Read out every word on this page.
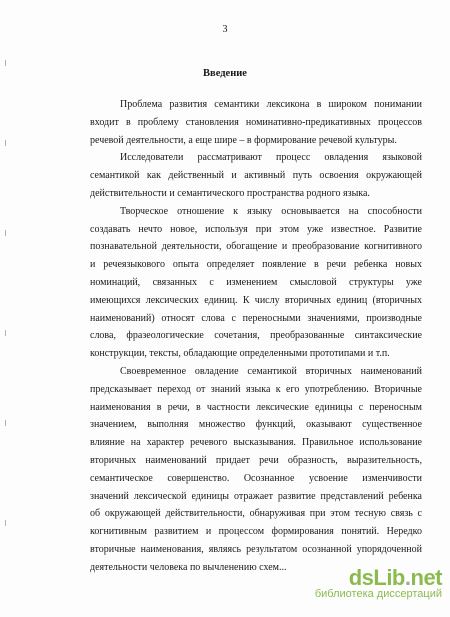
3
Введение
Проблема развития семантики лексикона в широком понимании
входит в проблему становления номинативно-предикативных процессов
речевой деятельности, а еще шире – в формирование речевой культуры.
Исследователи рассматривают процесс овладения языковой
семантикой как действенный и активный путь освоения окружающей
действительности и семантического пространства родного языка.
Творческое отношение к языку основывается на способности
создавать нечто новое, используя при этом уже известное. Развитие
познавательной деятельности, обогащение и преобразование когнитивного
и речеязыкового опыта определяет появление в речи ребенка новых
номинаций, связанных с изменением смысловой структуры уже
имеющихся лексических единиц. К числу вторичных единиц (вторичных
наименований) относят слова с переносными значениями, производные
слова, фразеологические сочетания, преобразованные синтаксические
конструкции, тексты, обладающие определенными прототипами и т.п.
Своевременное овладение семантикой вторичных наименований
предсказывает переход от знаний языка к его употреблению. Вторичные
наименования в речи, в частности лексические единицы с переносным
значением, выполняя множество функций, оказывают существенное
влияние на характер речевого высказывания. Правильное использование
вторичных наименований придает речи образность, выразительность,
семантическое совершенство. Осознанное усвоение изменчивости
значений лексической единицы отражает развитие представлений ребенка
об окружающей действительности, обнаруживая при этом тесную связь с
когнитивным развитием и процессом формирования понятий. Нередко
вторичные наименования, являясь результатом осознанной упорядоченной
деятельности человека по вычленению схем...	dsLib.net
библиотека диссертаций
